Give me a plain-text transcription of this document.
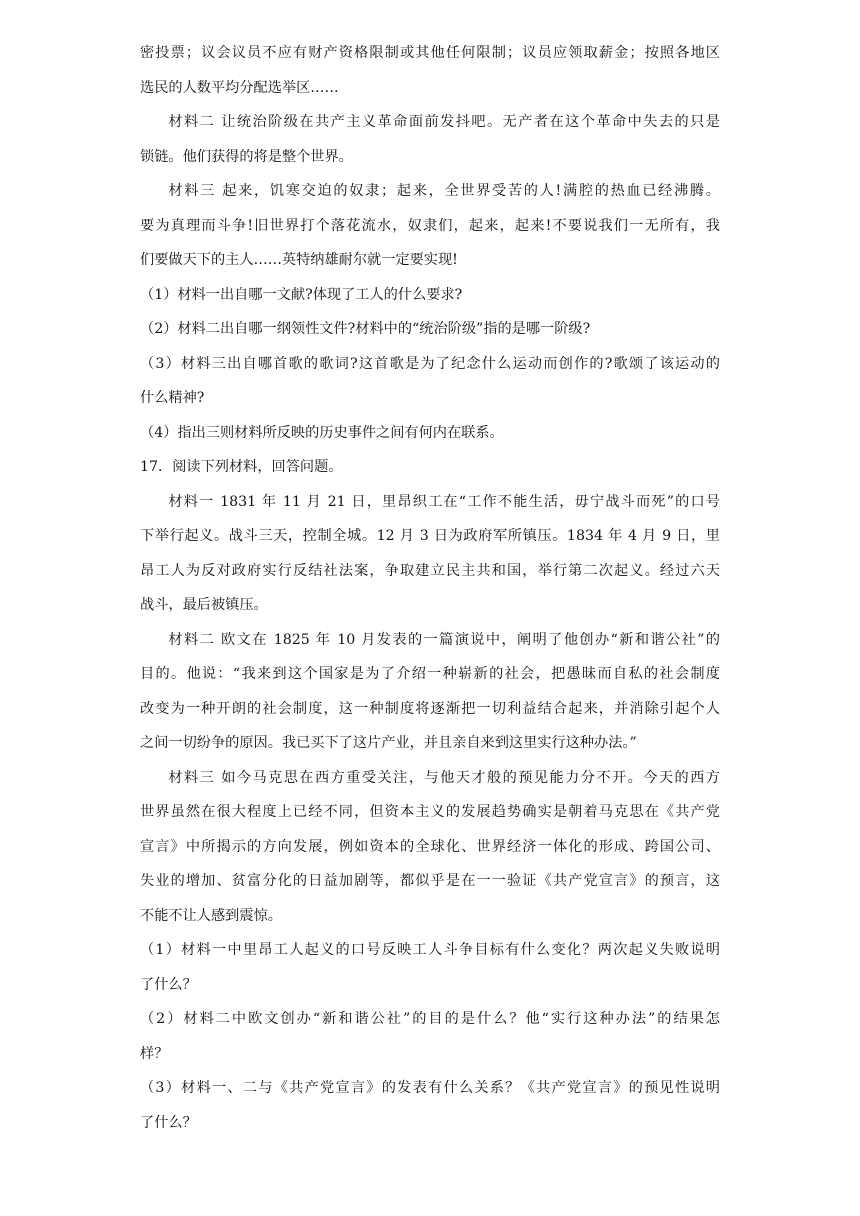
密投票；议会议员不应有财产资格限制或其他任何限制；议员应领取薪金；按照各地区
选民的人数平均分配选举区……

材料二 让统治阶级在共产主义革命面前发抖吧。无产者在这个革命中失去的只是
锁链。他们获得的将是整个世界。

材料三 起来，饥寒交迫的奴隶；起来，全世界受苦的人!满腔的热血已经沸腾。
要为真理而斗争!旧世界打个落花流水，奴隶们，起来，起来!不要说我们一无所有，我
们要做天下的主人……英特纳雄耐尔就一定要实现!

（1）材料一出自哪一文献?体现了工人的什么要求?

（2）材料二出自哪一纲领性文件?材料中的“统治阶级”指的是哪一阶级?

（3）材料三出自哪首歌的歌词?这首歌是为了纪念什么运动而创作的?歌颂了该运动的
什么精神?

（4）指出三则材料所反映的历史事件之间有何内在联系。

17．阅读下列材料，回答问题。

材料一 1831 年 11 月 21 日，里昂织工在“工作不能生活，毋宁战斗而死”的口号
下举行起义。战斗三天，控制全城。12 月 3 日为政府军所镇压。1834 年 4 月 9 日，里
昂工人为反对政府实行反结社法案，争取建立民主共和国，举行第二次起义。经过六天
战斗，最后被镇压。

材料二 欧文在 1825 年 10 月发表的一篇演说中，阐明了他创办“新和谐公社”的
目的。他说：“我来到这个国家是为了介绍一种崭新的社会，把愚昧而自私的社会制度
改变为一种开朗的社会制度，这一种制度将逐渐把一切利益结合起来，并消除引起个人
之间一切纷争的原因。我已买下了这片产业，并且亲自来到这里实行这种办法。”

材料三 如今马克思在西方重受关注，与他天才般的预见能力分不开。今天的西方
世界虽然在很大程度上已经不同，但资本主义的发展趋势确实是朝着马克思在《共产党
宣言》中所揭示的方向发展，例如资本的全球化、世界经济一体化的形成、跨国公司、
失业的增加、贫富分化的日益加剧等，都似乎是在一一验证《共产党宣言》的预言，这
不能不让人感到震惊。

（1）材料一中里昂工人起义的口号反映工人斗争目标有什么变化？两次起义失败说明
了什么？

（2）材料二中欧文创办“新和谐公社”的目的是什么？他“实行这种办法”的结果怎
样？

（3）材料一、二与《共产党宣言》的发表有什么关系？《共产党宣言》的预见性说明
了什么？
